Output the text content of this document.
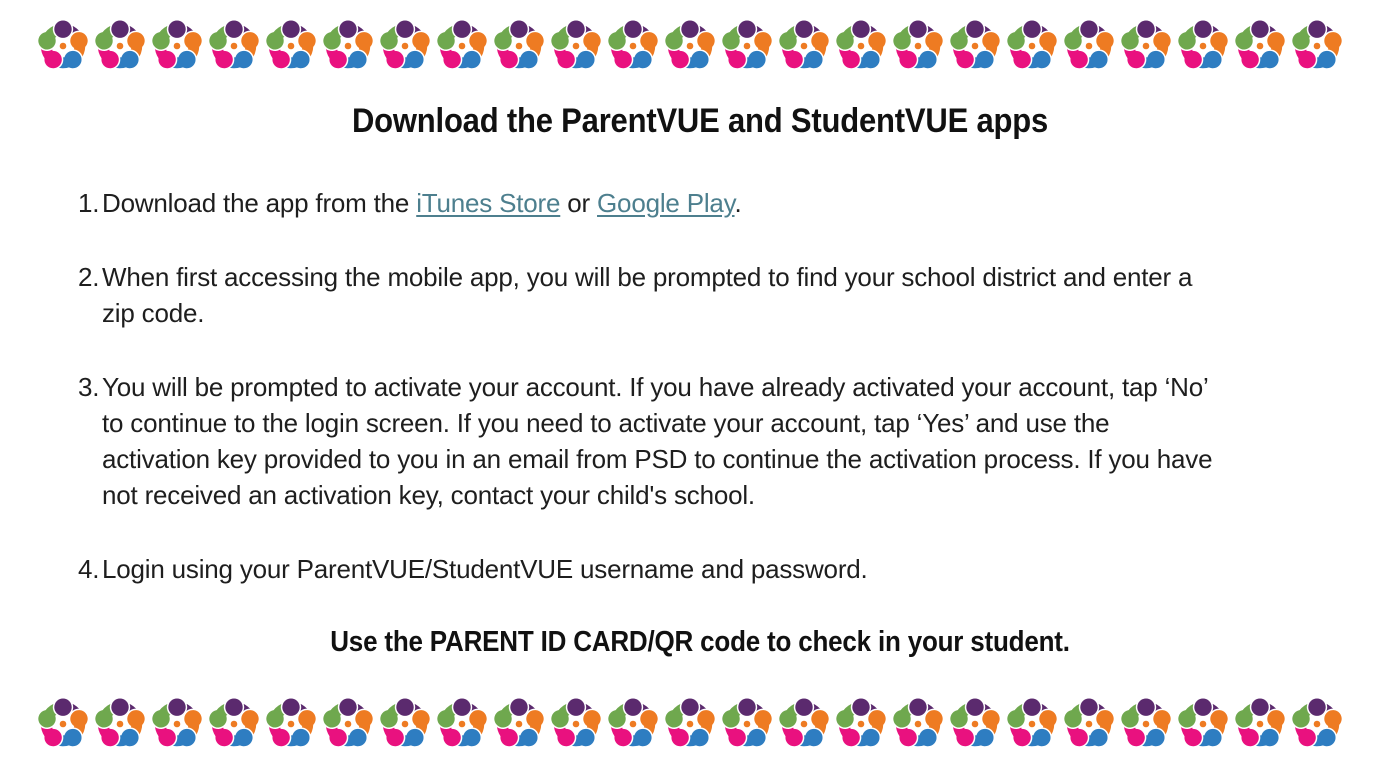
Download the ParentVUE and StudentVUE apps
1. Download the app from the iTunes Store or Google Play.
2. When first accessing the mobile app, you will be prompted to find your school district and enter a
zip code.
3. You will be prompted to activate your account. If you have already activated your account, tap ‘No’
to continue to the login screen. If you need to activate your account, tap ‘Yes’ and use the
activation key provided to you in an email from PSD to continue the activation process. If you have
not received an activation key, contact your child's school.
4. Login using your ParentVUE/StudentVUE username and password.
Use the PARENT ID CARD/QR code to check in your student.
